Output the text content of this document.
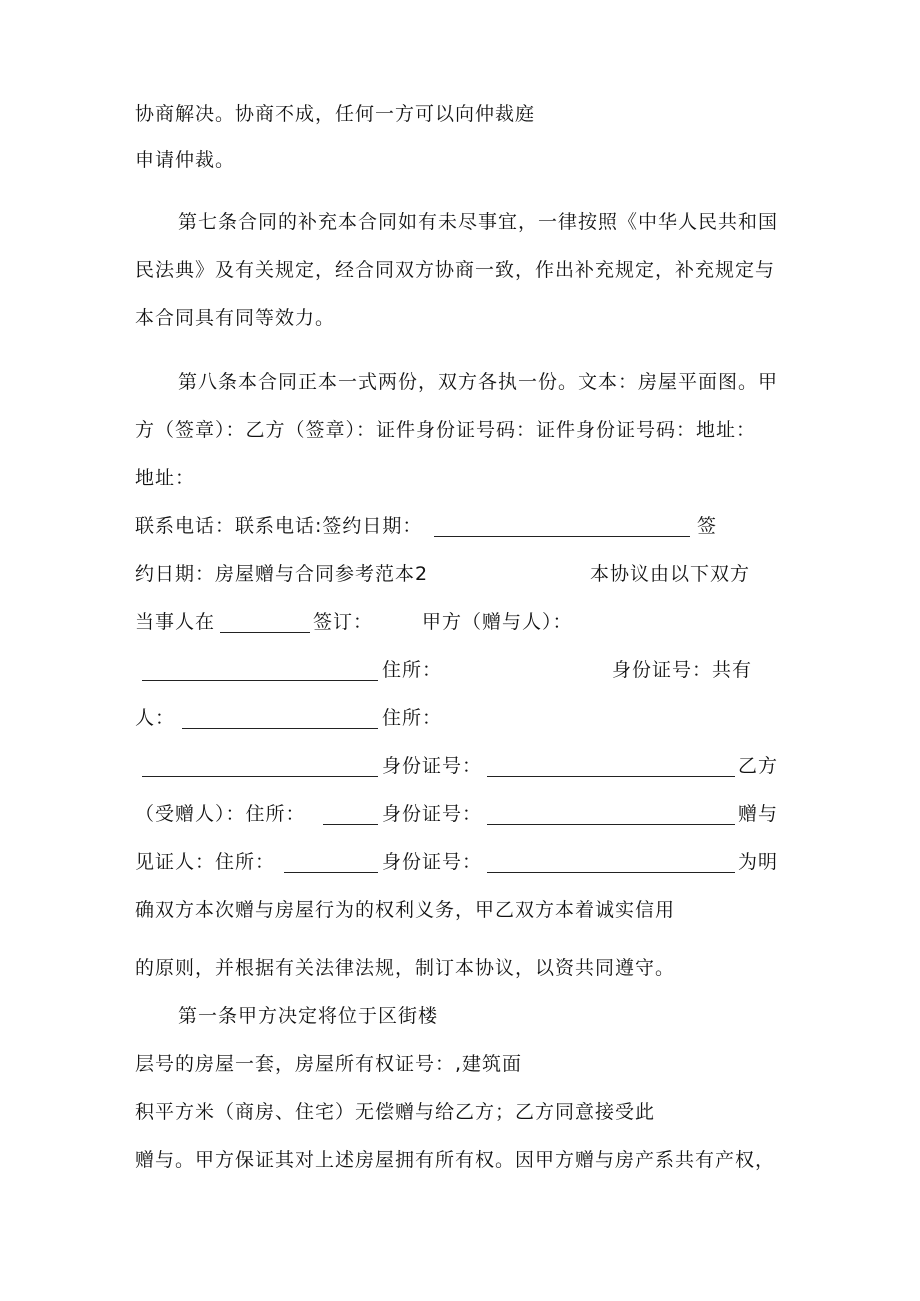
协商解决。协商不成，任何一方可以向仲裁庭
申请仲裁。
第七条合同的补充本合同如有未尽事宜，一律按照《中华人民共和国
民法典》及有关规定，经合同双方协商一致，作出补充规定，补充规定与
本合同具有同等效力。
第八条本合同正本一式两份，双方各执一份。文本：房屋平面图。甲
方（签章）：乙方（签章）：证件身份证号码：证件身份证号码：地址：
地址：
联系电话：联系电话:签约日期：	签
约日期：房屋赠与合同参考范本2	本协议由以下双方
当事人在	签订：	甲方（赠与人）：
住所：	身份证号：共有
人：	住所：
身份证号：	乙方
（受赠人）：住所：	身份证号：	赠与
见证人：住所：	身份证号：	为明
确双方本次赠与房屋行为的权利义务，甲乙双方本着诚实信用
的原则，并根据有关法律法规，制订本协议，以资共同遵守。
第一条甲方决定将位于区街楼
层号的房屋一套，房屋所有权证号：,建筑面
积平方米（商房、住宅）无偿赠与给乙方；乙方同意接受此
赠与。甲方保证其对上述房屋拥有所有权。因甲方赠与房产系共有产权，
